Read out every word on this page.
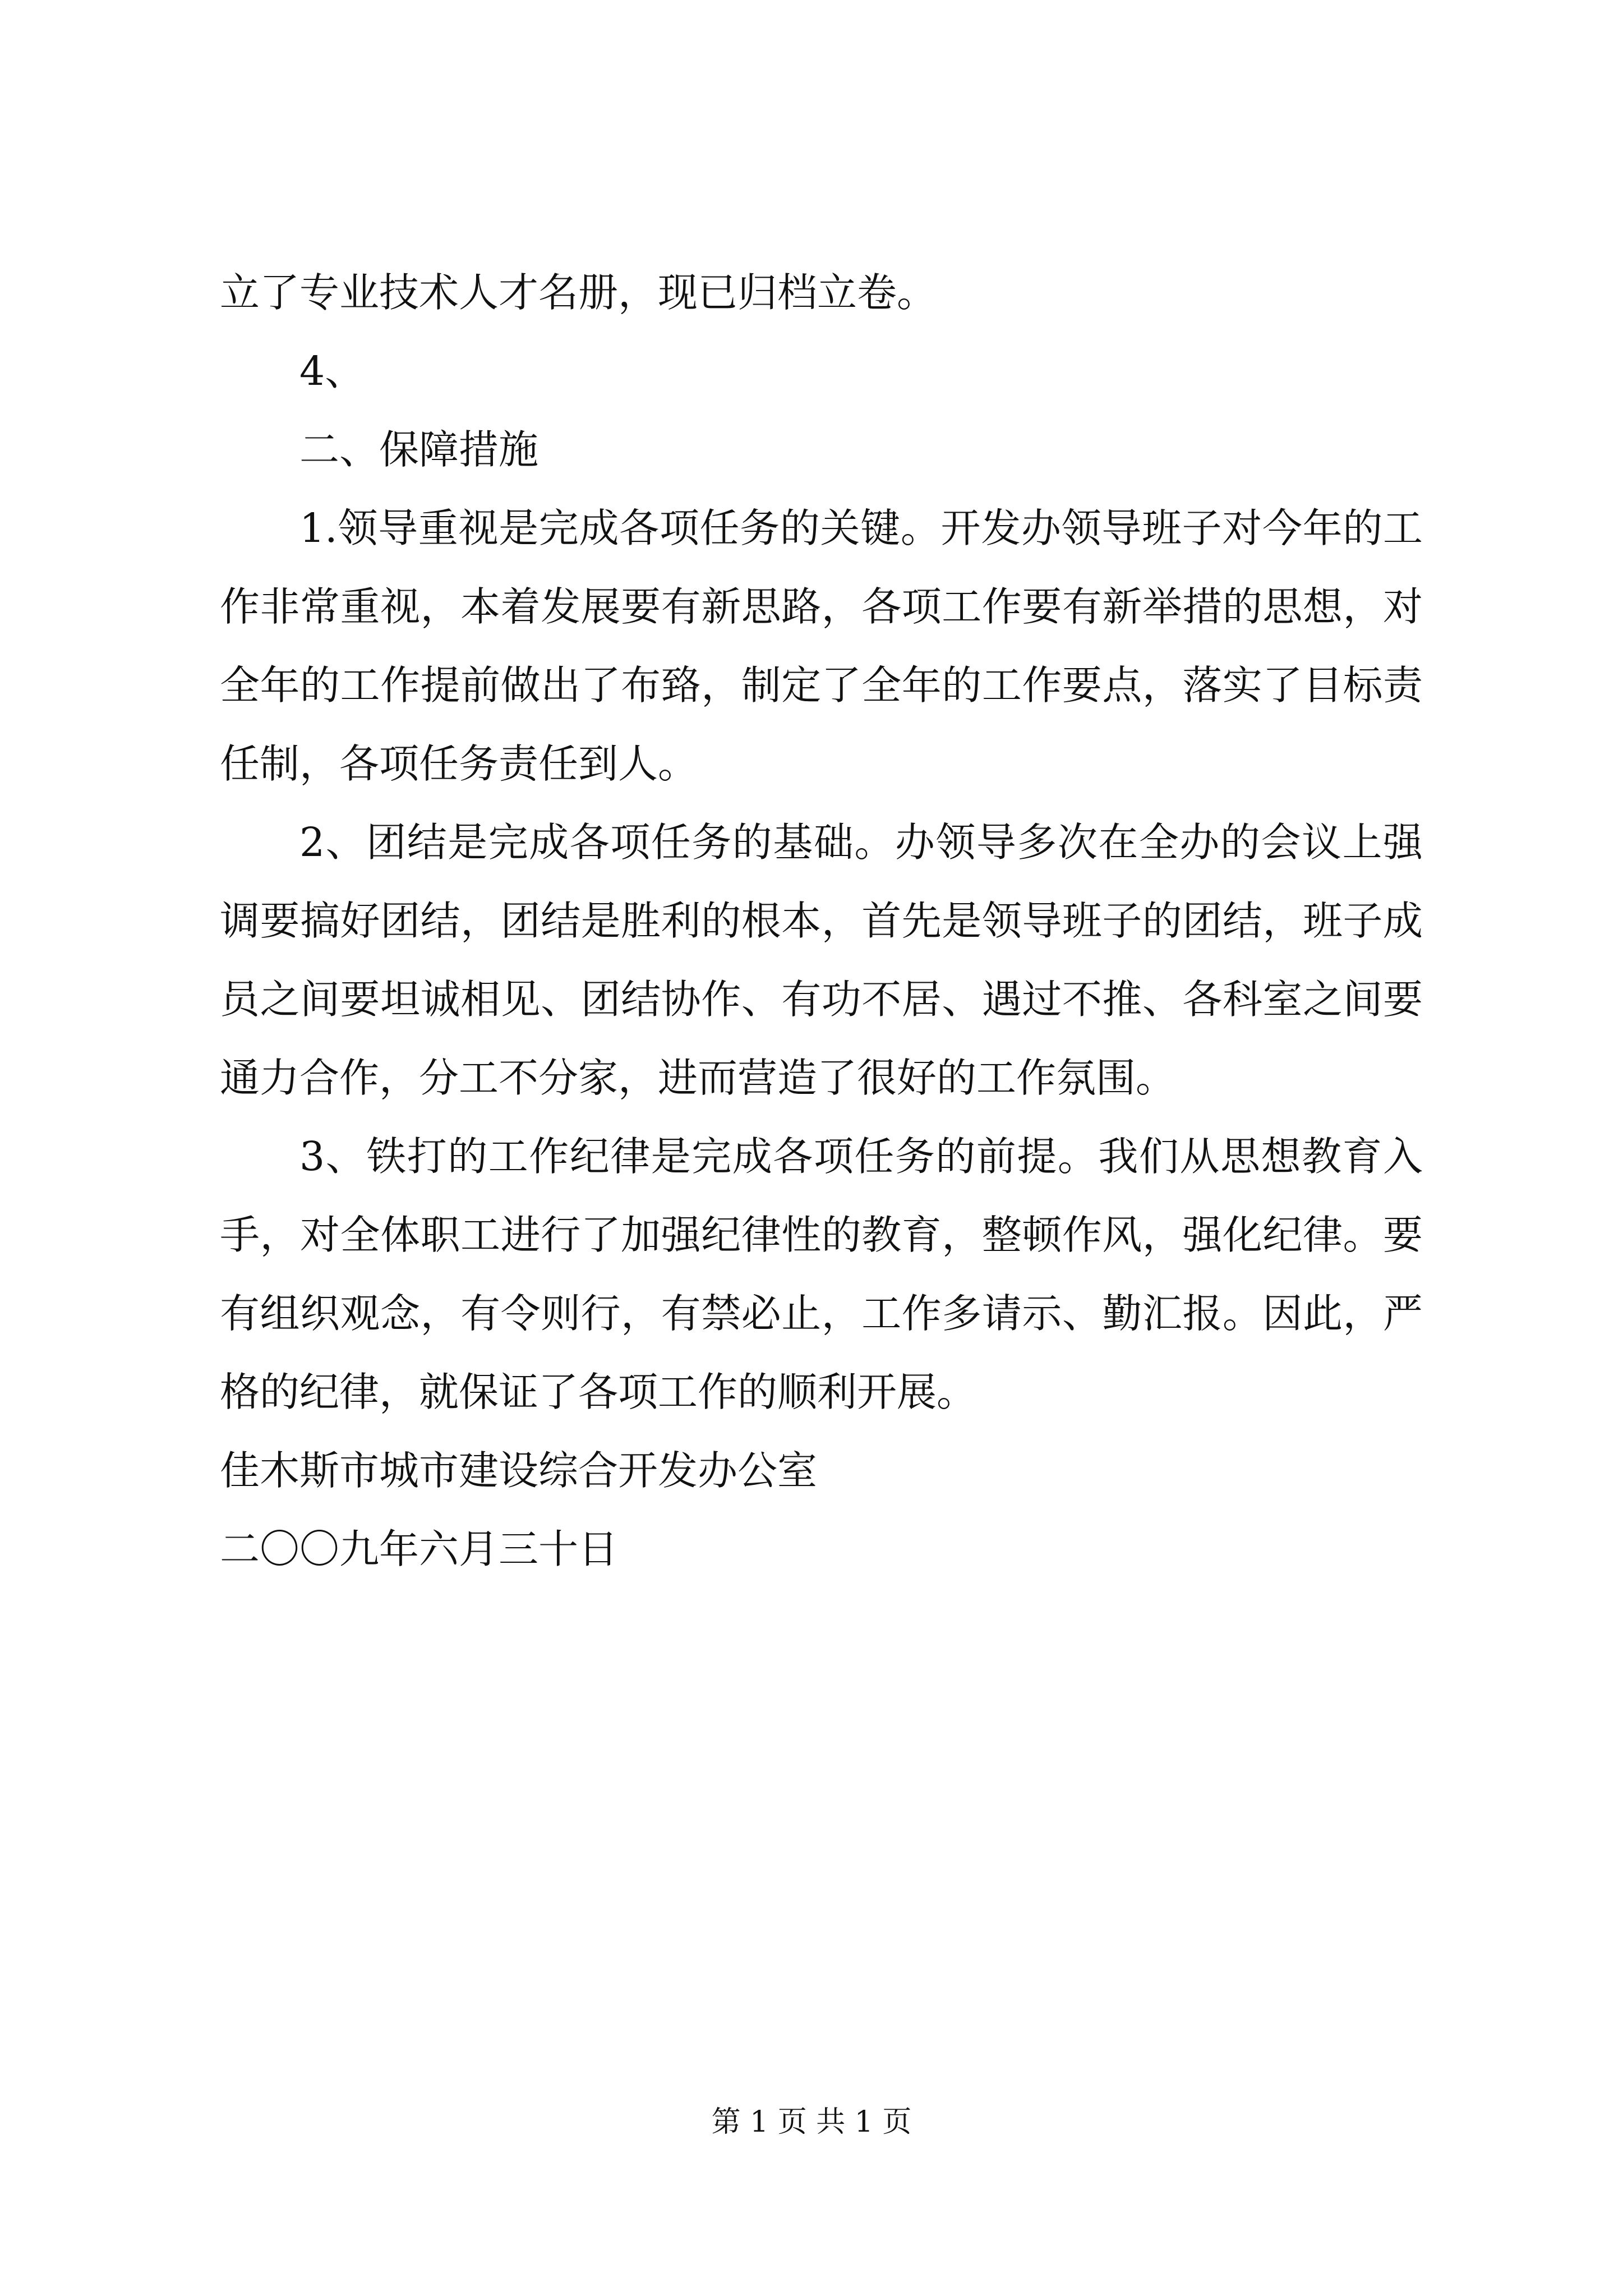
立了专业技术人才名册，现已归档立卷。

4、

二、保障措施

1.领导重视是完成各项任务的关键。开发办领导班子对今年的工作非常重视，本着发展要有新思路，各项工作要有新举措的思想，对全年的工作提前做出了布臵，制定了全年的工作要点，落实了目标责任制，各项任务责任到人。

2、团结是完成各项任务的基础。办领导多次在全办的会议上强调要搞好团结，团结是胜利的根本，首先是领导班子的团结，班子成员之间要坦诚相见、团结协作、有功不居、遇过不推、各科室之间要通力合作，分工不分家，进而营造了很好的工作氛围。

3、铁打的工作纪律是完成各项任务的前提。我们从思想教育入手，对全体职工进行了加强纪律性的教育，整顿作风，强化纪律。要有组织观念，有令则行，有禁必止，工作多请示、勤汇报。因此，严格的纪律，就保证了各项工作的顺利开展。

佳木斯市城市建设综合开发办公室

二〇〇九年六月三十日

第 1 页 共 1 页
